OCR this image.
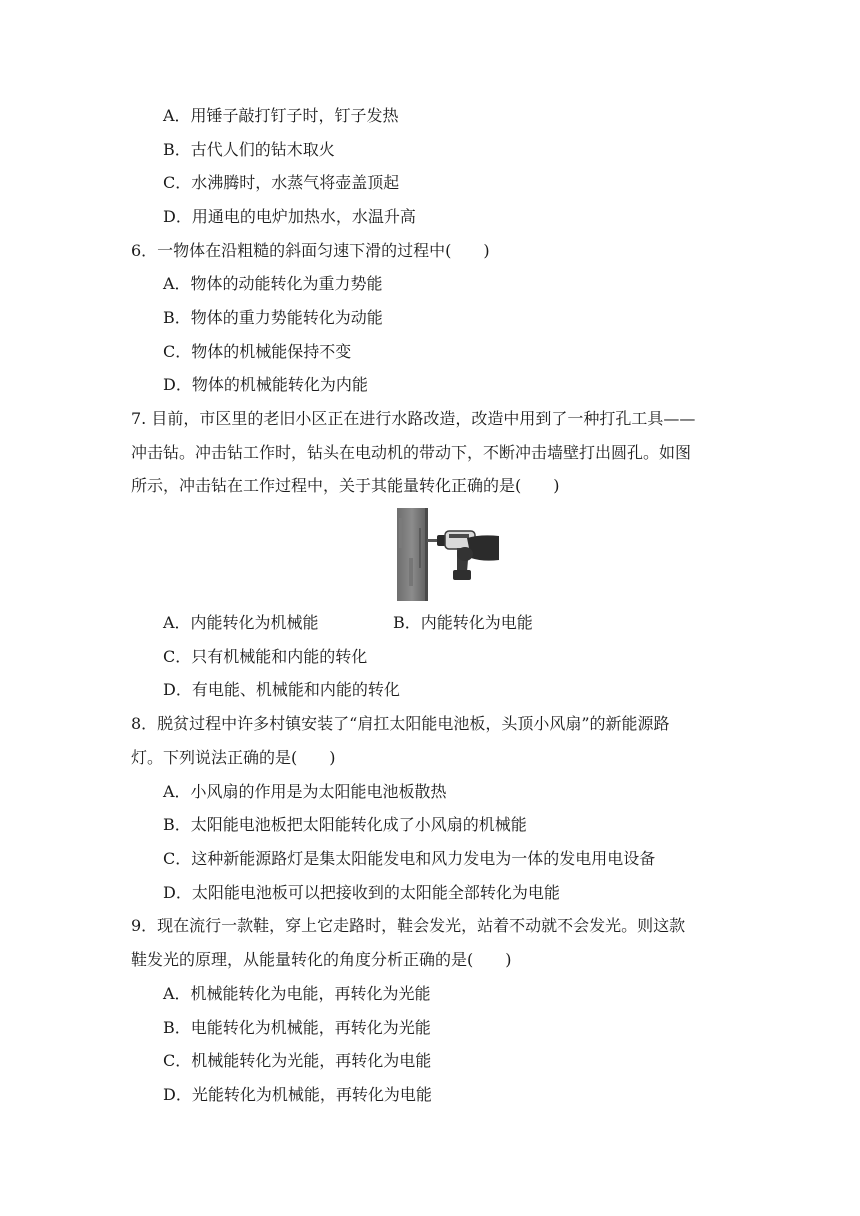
A．用锤子敲打钉子时，钉子发热
B．古代人们的钻木取火
C．水沸腾时，水蒸气将壶盖顶起
D．用通电的电炉加热水，水温升高
6．一物体在沿粗糙的斜面匀速下滑的过程中(　　)
A．物体的动能转化为重力势能
B．物体的重力势能转化为动能
C．物体的机械能保持不变
D．物体的机械能转化为内能
7. 目前，市区里的老旧小区正在进行水路改造，改造中用到了一种打孔工具——
冲击钻。冲击钻工作时，钻头在电动机的带动下，不断冲击墙壁打出圆孔。如图
所示，冲击钻在工作过程中，关于其能量转化正确的是(　　)
A．内能转化为机械能	B．内能转化为电能
C．只有机械能和内能的转化
D．有电能、机械能和内能的转化
8．脱贫过程中许多村镇安装了“肩扛太阳能电池板，头顶小风扇”的新能源路
灯。下列说法正确的是(　　)
A．小风扇的作用是为太阳能电池板散热
B．太阳能电池板把太阳能转化成了小风扇的机械能
C．这种新能源路灯是集太阳能发电和风力发电为一体的发电用电设备
D．太阳能电池板可以把接收到的太阳能全部转化为电能
9．现在流行一款鞋，穿上它走路时，鞋会发光，站着不动就不会发光。则这款
鞋发光的原理，从能量转化的角度分析正确的是(　　)
A．机械能转化为电能，再转化为光能
B．电能转化为机械能，再转化为光能
C．机械能转化为光能，再转化为电能
D．光能转化为机械能，再转化为电能
